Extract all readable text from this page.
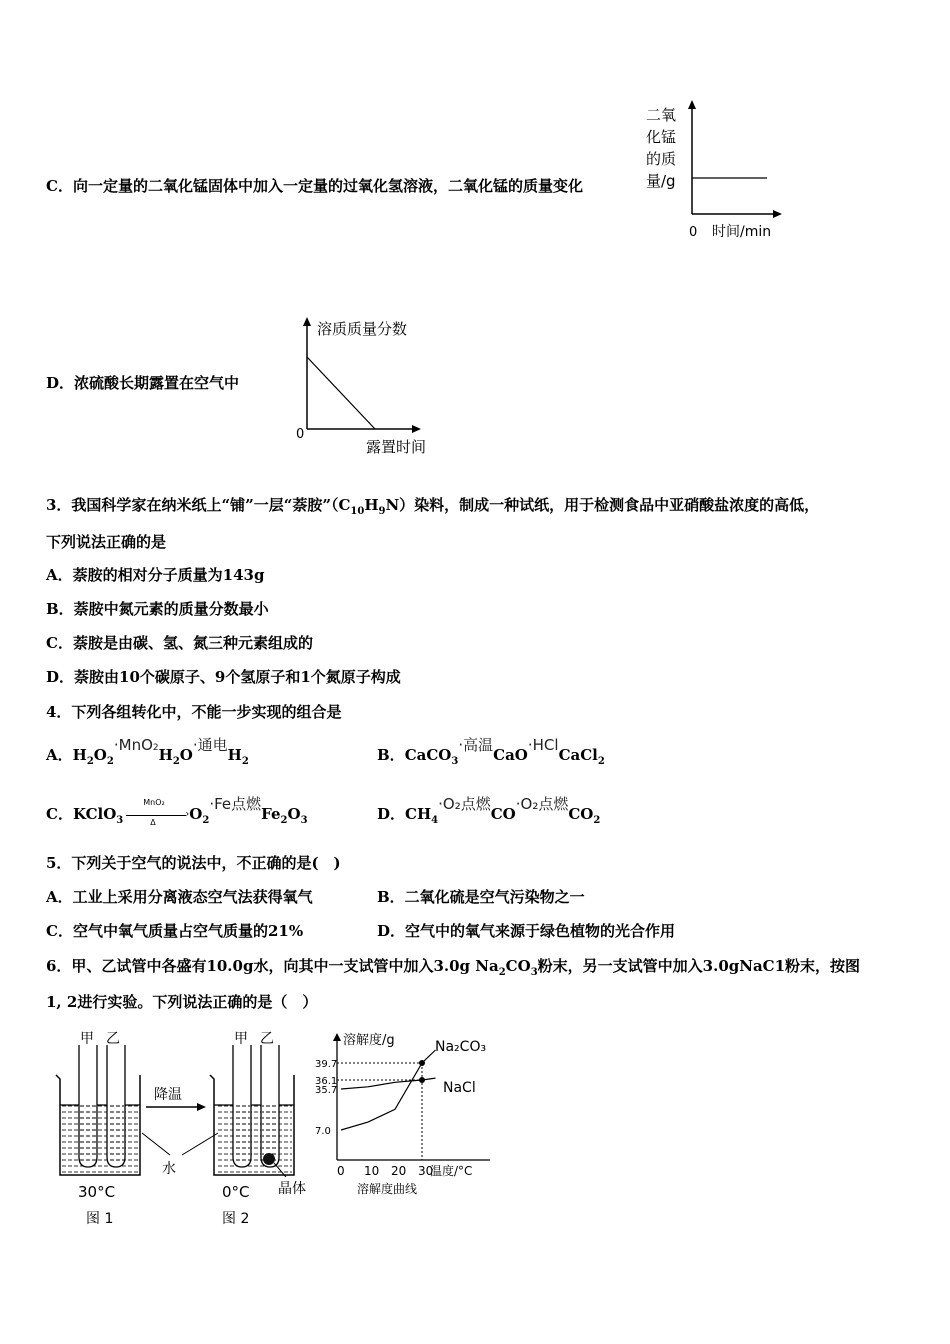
C．向一定量的二氧化锰固体中加入一定量的过氧化氢溶液，二氧化锰的质量变化
二氧
化锰
的质
量/g
0 时间/min
D．浓硫酸长期露置在空气中
溶质质量分数
0
露置时间
3．我国科学家在纳米纸上“铺”一层“萘胺$”(C_{10}H_9N)$染料，制成一种试纸，用于检测食品中亚硝酸盐浓度的高低，
下列说法正确的是
A．萘胺的相对分子质量为143g
B．萘胺中氮元素的质量分数最小
C．萘胺是由碳、氢、氮三种元素组成的
D．萘胺由10个碳原子、9个氢原子和1个氮原子构成
4．下列各组转化中，不能一步实现的组合是
A．$H_2O_2\cdot MnO2H_2O\cdot$通电$H_2$	B．CaCO$_3$·高温CaO·HClCaCl$_2$
C．KClO$_3$
MnO₂
›
Δ $O_2\cdot Fe$点燃$Fe_2O_3$	D．$CH_4\cdot O_2$点燃CO·O₂点燃$CO_2$
5．下列关于空气的说法中，不正确的是(　)
A．工业上采用分离液态空气法获得氧气	B．二氧化硫是空气污染物之一
C．空气中氧气质量占空气质量的21%	D．空气中的氧气来源于绿色植物的光合作用
6．甲、乙试管中各盛有10.0g水，向其中一支试管中加入3.0g $Na_2CO_3$粉末，另一支试管中加入3.0gNaC1粉末，按图
1, 2进行实验。下列说法正确的是（　）
甲 乙
30°C
图 1
降温
水
甲 乙
0°C 晶体
图 2
溶解度/g
温度/°C
溶解度曲线
39.7
36.1
35.7
7.0
0 10 20 30
Na₂CO₃
NaCl
